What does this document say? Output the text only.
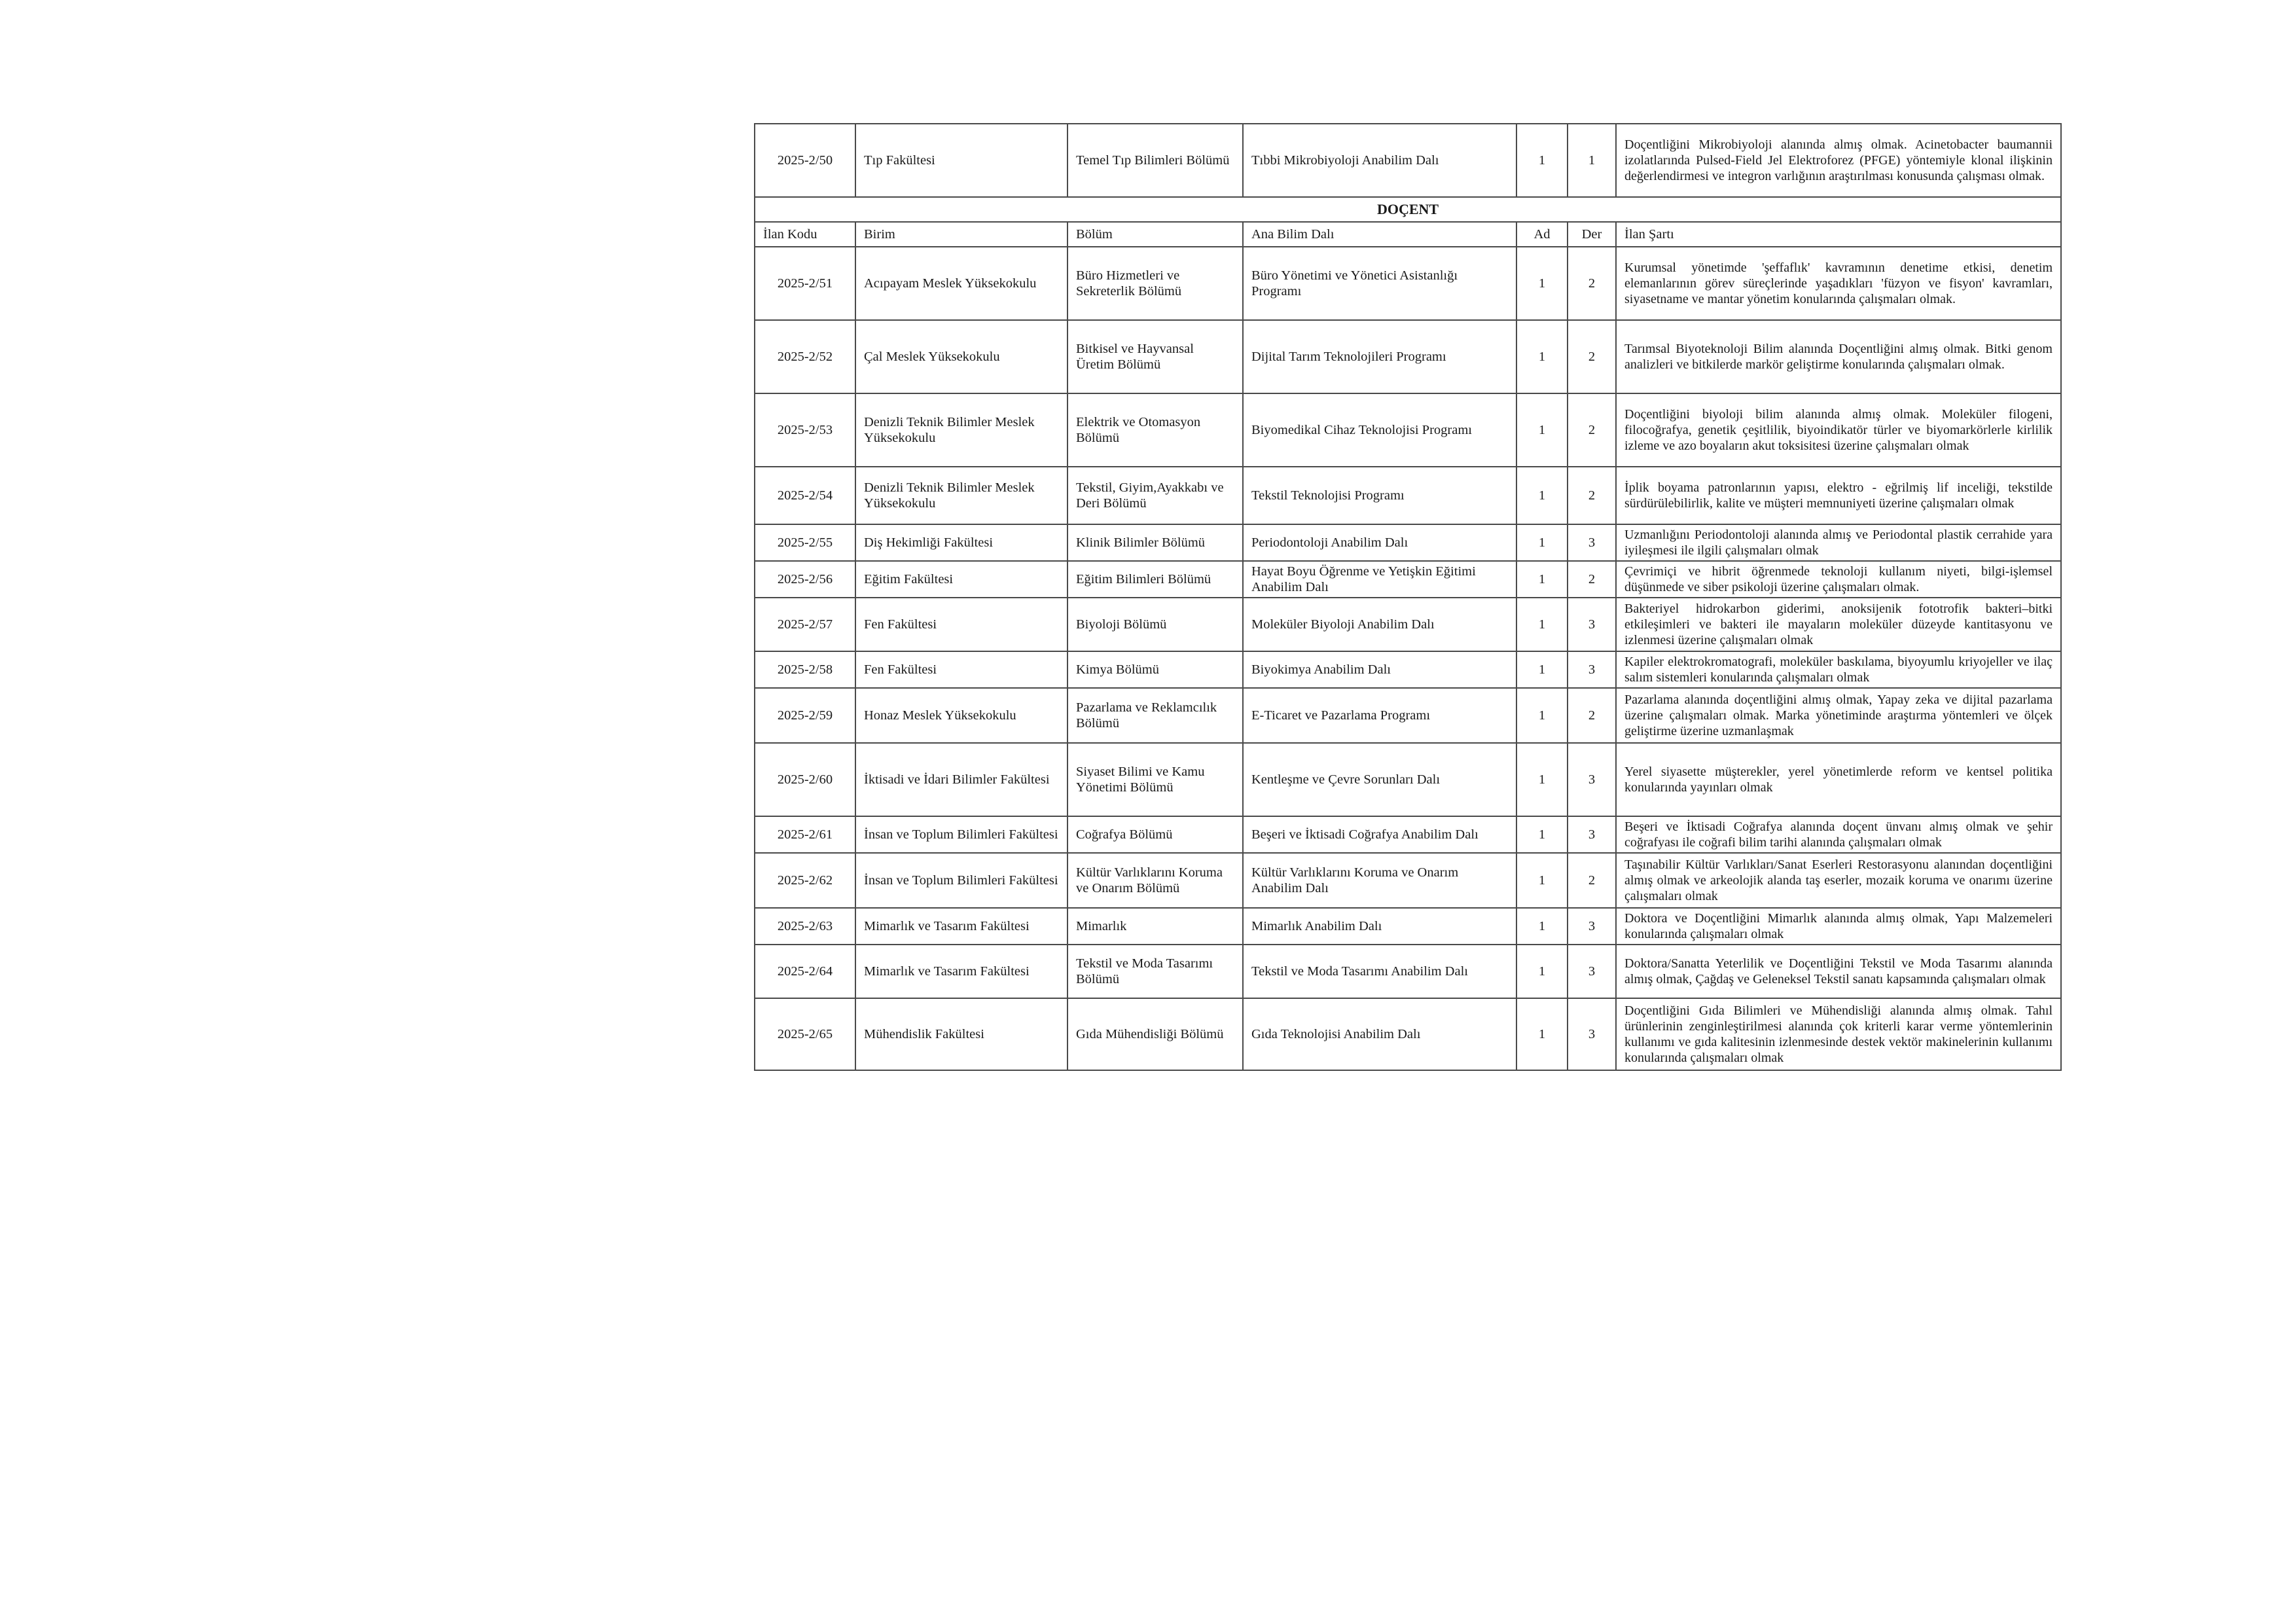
2025-2/50	Tıp Fakültesi	Temel Tıp Bilimleri Bölümü	Tıbbi Mikrobiyoloji Anabilim Dalı	1	1	Doçentliğini Mikrobiyoloji alanında almış olmak. Acinetobacter baumannii izolatlarında Pulsed-Field Jel Elektroforez (PFGE) yöntemiyle klonal ilişkinin değerlendirmesi ve integron varlığının araştırılması konusunda çalışması olmak.
DOÇENT						
İlan Kodu	Birim	Bölüm	Ana Bilim Dalı	Ad	Der	İlan Şartı
2025-2/51	Acıpayam Meslek Yüksekokulu	Büro Hizmetleri ve Sekreterlik Bölümü	Büro Yönetimi ve Yönetici Asistanlığı Programı	1	2	Kurumsal yönetimde 'şeffaflık' kavramının denetime etkisi, denetim elemanlarının görev süreçlerinde yaşadıkları 'füzyon ve fisyon' kavramları, siyasetname ve mantar yönetim konularında çalışmaları olmak.
2025-2/52	Çal Meslek Yüksekokulu	Bitkisel ve Hayvansal Üretim Bölümü	Dijital Tarım Teknolojileri Programı	1	2	Tarımsal Biyoteknoloji Bilim alanında Doçentliğini almış olmak. Bitki genom analizleri ve bitkilerde markör geliştirme konularında çalışmaları olmak.
2025-2/53	Denizli Teknik Bilimler Meslek Yüksekokulu	Elektrik ve Otomasyon Bölümü	Biyomedikal Cihaz Teknolojisi Programı	1	2	Doçentliğini biyoloji bilim alanında almış olmak. Moleküler filogeni, filocoğrafya, genetik çeşitlilik, biyoindikatör türler ve biyomarkörlerle kirlilik izleme ve azo boyaların akut toksisitesi üzerine çalışmaları olmak
2025-2/54	Denizli Teknik Bilimler Meslek Yüksekokulu	Tekstil, Giyim,Ayakkabı ve Deri Bölümü	Tekstil Teknolojisi Programı	1	2	İplik boyama patronlarının yapısı, elektro - eğrilmiş lif inceliği, tekstilde sürdürülebilirlik, kalite ve müşteri memnuniyeti üzerine çalışmaları olmak
2025-2/55	Diş Hekimliği Fakültesi	Klinik Bilimler Bölümü	Periodontoloji Anabilim Dalı	1	3	Uzmanlığını Periodontoloji alanında almış ve Periodontal plastik cerrahide yara iyileşmesi ile ilgili çalışmaları olmak
2025-2/56	Eğitim Fakültesi	Eğitim Bilimleri Bölümü	Hayat Boyu Öğrenme ve Yetişkin Eğitimi Anabilim Dalı	1	2	Çevrimiçi ve hibrit öğrenmede teknoloji kullanım niyeti, bilgi-işlemsel düşünmede ve siber psikoloji üzerine çalışmaları olmak.
2025-2/57	Fen Fakültesi	Biyoloji Bölümü	Moleküler Biyoloji Anabilim Dalı	1	3	Bakteriyel hidrokarbon giderimi, anoksijenik fototrofik bakteri–bitki etkileşimleri ve bakteri ile mayaların moleküler düzeyde kantitasyonu ve izlenmesi üzerine çalışmaları olmak
2025-2/58	Fen Fakültesi	Kimya Bölümü	Biyokimya Anabilim Dalı	1	3	Kapiler elektrokromatografi, moleküler baskılama, biyoyumlu kriyojeller ve ilaç salım sistemleri konularında çalışmaları olmak
2025-2/59	Honaz Meslek Yüksekokulu	Pazarlama ve Reklamcılık Bölümü	E-Ticaret ve Pazarlama Programı	1	2	Pazarlama alanında doçentliğini almış olmak, Yapay zeka ve dijital pazarlama üzerine çalışmaları olmak. Marka yönetiminde araştırma yöntemleri ve ölçek geliştirme üzerine uzmanlaşmak
2025-2/60	İktisadi ve İdari Bilimler Fakültesi	Siyaset Bilimi ve Kamu Yönetimi Bölümü	Kentleşme ve Çevre Sorunları Dalı	1	3	Yerel siyasette müşterekler, yerel yönetimlerde reform ve kentsel politika konularında yayınları olmak
2025-2/61	İnsan ve Toplum Bilimleri Fakültesi	Coğrafya Bölümü	Beşeri ve İktisadi Coğrafya Anabilim Dalı	1	3	Beşeri ve İktisadi Coğrafya alanında doçent ünvanı almış olmak ve şehir coğrafyası ile coğrafi bilim tarihi alanında çalışmaları olmak
2025-2/62	İnsan ve Toplum Bilimleri Fakültesi	Kültür Varlıklarını Koruma ve Onarım Bölümü	Kültür Varlıklarını Koruma ve Onarım Anabilim Dalı	1	2	Taşınabilir Kültür Varlıkları/Sanat Eserleri Restorasyonu alanından doçentliğini almış olmak ve arkeolojik alanda taş eserler, mozaik koruma ve onarımı üzerine çalışmaları olmak
2025-2/63	Mimarlık ve Tasarım Fakültesi	Mimarlık	Mimarlık Anabilim Dalı	1	3	Doktora ve Doçentliğini Mimarlık alanında almış olmak, Yapı Malzemeleri konularında çalışmaları olmak
2025-2/64	Mimarlık ve Tasarım Fakültesi	Tekstil ve Moda Tasarımı Bölümü	Tekstil ve Moda Tasarımı Anabilim Dalı	1	3	Doktora/Sanatta Yeterlilik ve Doçentliğini Tekstil ve Moda Tasarımı alanında almış olmak, Çağdaş ve Geleneksel Tekstil sanatı kapsamında çalışmaları olmak
2025-2/65	Mühendislik Fakültesi	Gıda Mühendisliği Bölümü	Gıda Teknolojisi Anabilim Dalı	1	3	Doçentliğini Gıda Bilimleri ve Mühendisliği alanında almış olmak. Tahıl ürünlerinin zenginleştirilmesi alanında çok kriterli karar verme yöntemlerinin kullanımı ve gıda kalitesinin izlenmesinde destek vektör makinelerinin kullanımı konularında çalışmaları olmak
